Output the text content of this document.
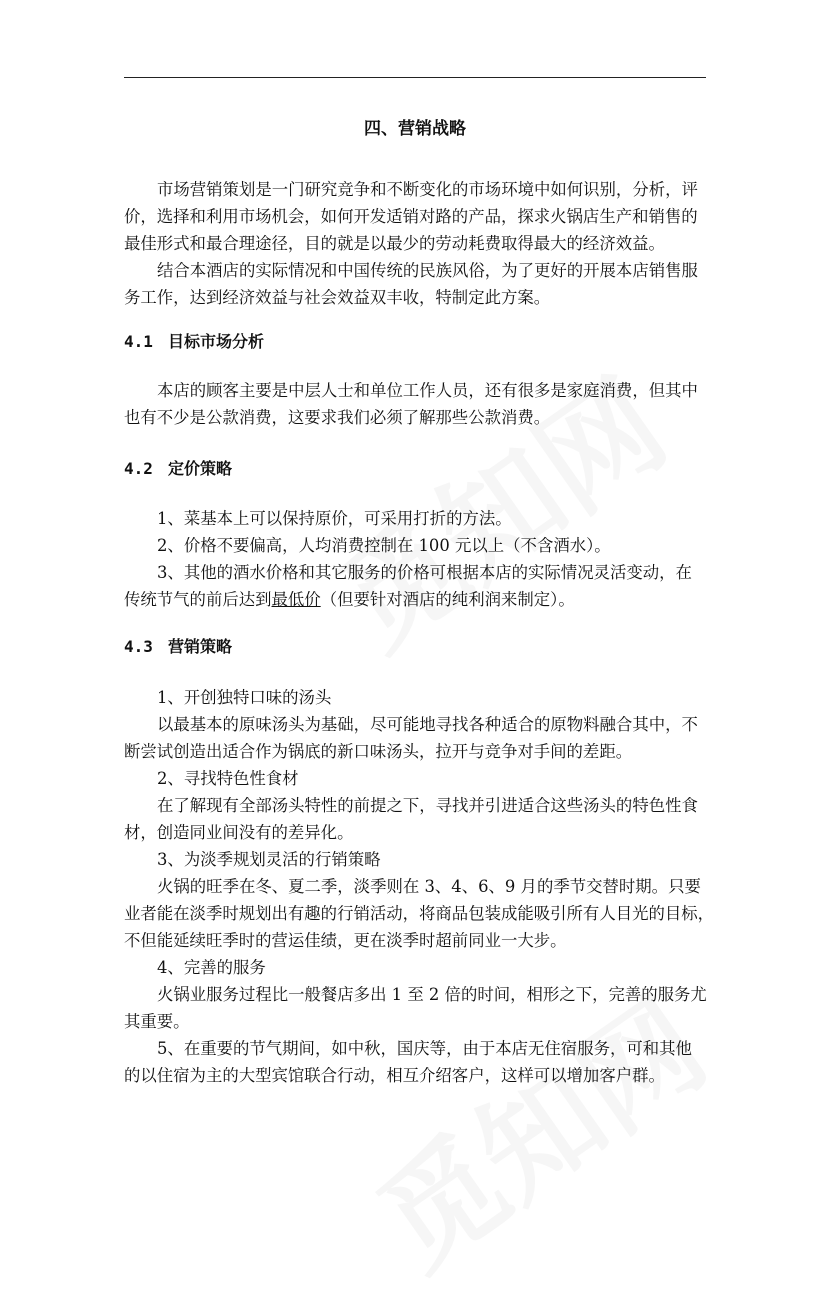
四、营销战略
市场营销策划是一门研究竞争和不断变化的市场环境中如何识别，分析，评
价，选择和利用市场机会，如何开发适销对路的产品，探求火锅店生产和销售的
最佳形式和最合理途径，目的就是以最少的劳动耗费取得最大的经济效益。
结合本酒店的实际情况和中国传统的民族风俗，为了更好的开展本店销售服
务工作，达到经济效益与社会效益双丰收，特制定此方案。
4.1 目标市场分析
本店的顾客主要是中层人士和单位工作人员，还有很多是家庭消费，但其中
也有不少是公款消费，这要求我们必须了解那些公款消费。
4.2 定价策略
1、菜基本上可以保持原价，可采用打折的方法。
2、价格不要偏高，人均消费控制在 100 元以上（不含酒水）。
3、其他的酒水价格和其它服务的价格可根据本店的实际情况灵活变动，在
传统节气的前后达到最低价（但要针对酒店的纯利润来制定）。
4.3 营销策略
1、开创独特口味的汤头
以最基本的原味汤头为基础，尽可能地寻找各种适合的原物料融合其中，不
断尝试创造出适合作为锅底的新口味汤头，拉开与竞争对手间的差距。
2、寻找特色性食材
在了解现有全部汤头特性的前提之下，寻找并引进适合这些汤头的特色性食
材，创造同业间没有的差异化。
3、为淡季规划灵活的行销策略
火锅的旺季在冬、夏二季，淡季则在 3、4、6、9 月的季节交替时期。只要
业者能在淡季时规划出有趣的行销活动，将商品包装成能吸引所有人目光的目标，
不但能延续旺季时的营运佳绩，更在淡季时超前同业一大步。
4、完善的服务
火锅业服务过程比一般餐店多出 1 至 2 倍的时间，相形之下，完善的服务尤
其重要。
5、在重要的节气期间，如中秋，国庆等，由于本店无住宿服务，可和其他
的以住宿为主的大型宾馆联合行动，相互介绍客户，这样可以增加客户群。
